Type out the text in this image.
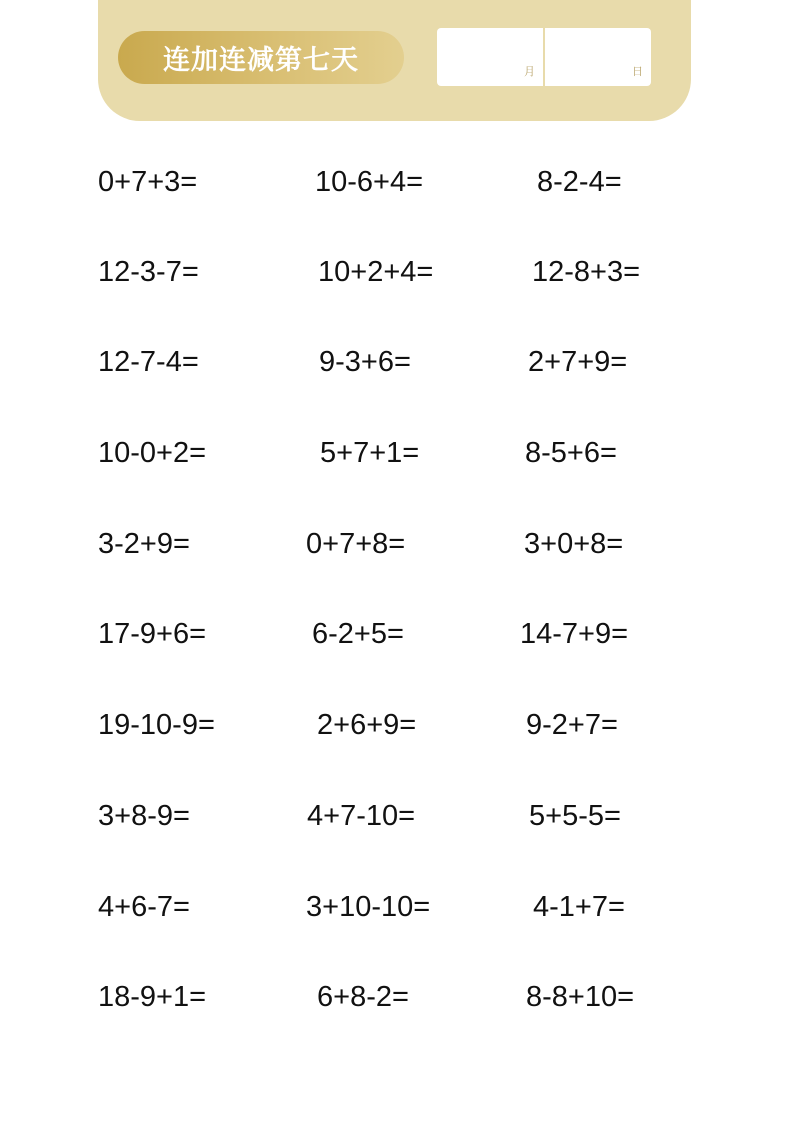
连加连减第七天	月	日
0+7+3=	10-6+4=	8-2-4=
12-3-7=	10+2+4=	12-8+3=
12-7-4=	9-3+6=	2+7+9=
10-0+2=	5+7+1=	8-5+6=
3-2+9=	0+7+8=	3+0+8=
17-9+6=	6-2+5=	14-7+9=
19-10-9=	2+6+9=	9-2+7=
3+8-9=	4+7-10=	5+5-5=
4+6-7=	3+10-10=	4-1+7=
18-9+1=	6+8-2=	8-8+10=
